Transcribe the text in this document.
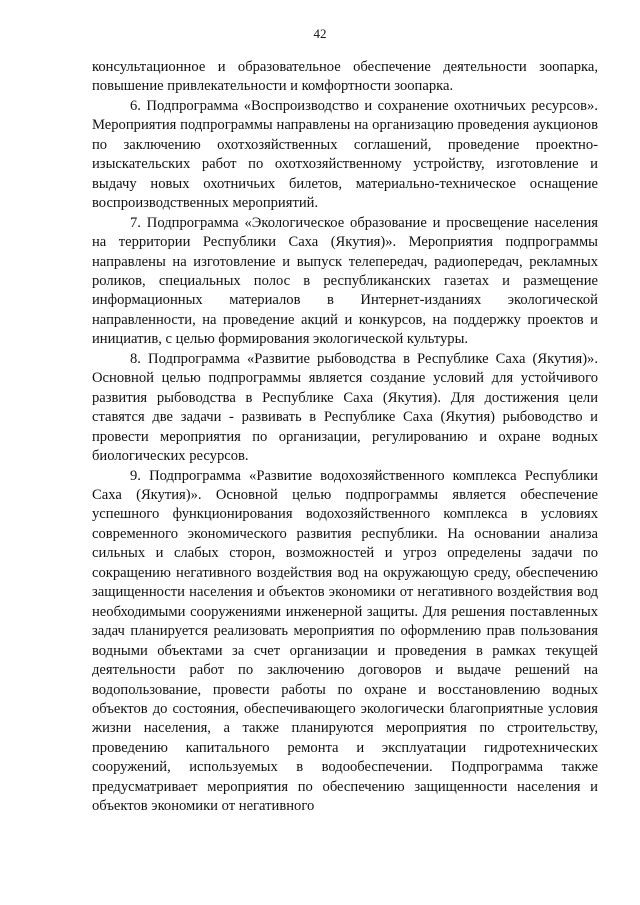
42

консультационное и образовательное обеспечение деятельности зоопарка, повышение привлекательности и комфортности зоопарка.

6. Подпрограмма «Воспроизводство и сохранение охотничьих ресурсов». Мероприятия подпрограммы направлены на организацию проведения аукционов по заключению охотхозяйственных соглашений, проведение проектно-изыскательских работ по охотхозяйственному устройству, изготовление и выдачу новых охотничьих билетов, материально-техническое оснащение воспроизводственных мероприятий.

7. Подпрограмма «Экологическое образование и просвещение населения на территории Республики Саха (Якутия)». Мероприятия подпрограммы направлены на изготовление и выпуск телепередач, радиопередач, рекламных роликов, специальных полос в республиканских газетах и размещение информационных материалов в Интернет-изданиях экологической направленности, на проведение акций и конкурсов, на поддержку проектов и инициатив, с целью формирования экологической культуры.

8. Подпрограмма «Развитие рыбоводства в Республике Саха (Якутия)». Основной целью подпрограммы является создание условий для устойчивого развития рыбоводства в Республике Саха (Якутия). Для достижения цели ставятся две задачи - развивать в Республике Саха (Якутия) рыбоводство и провести мероприятия по организации, регулированию и охране водных биологических ресурсов.

9. Подпрограмма «Развитие водохозяйственного комплекса Республики Саха (Якутия)». Основной целью подпрограммы является обеспечение успешного функционирования водохозяйственного комплекса в условиях современного экономического развития республики. На основании анализа сильных и слабых сторон, возможностей и угроз определены задачи по сокращению негативного воздействия вод на окружающую среду, обеспечению защищенности населения и объектов экономики от негативного воздействия вод необходимыми сооружениями инженерной защиты. Для решения поставленных задач планируется реализовать мероприятия по оформлению прав пользования водными объектами за счет организации и проведения в рамках текущей деятельности работ по заключению договоров и выдаче решений на водопользование, провести работы по охране и восстановлению водных объектов до состояния, обеспечивающего экологически благоприятные условия жизни населения, а также планируются мероприятия по строительству, проведению капитального ремонта и эксплуатации гидротехнических сооружений, используемых в водообеспечении. Подпрограмма также предусматривает мероприятия по обеспечению защищенности населения и объектов экономики от негативного
